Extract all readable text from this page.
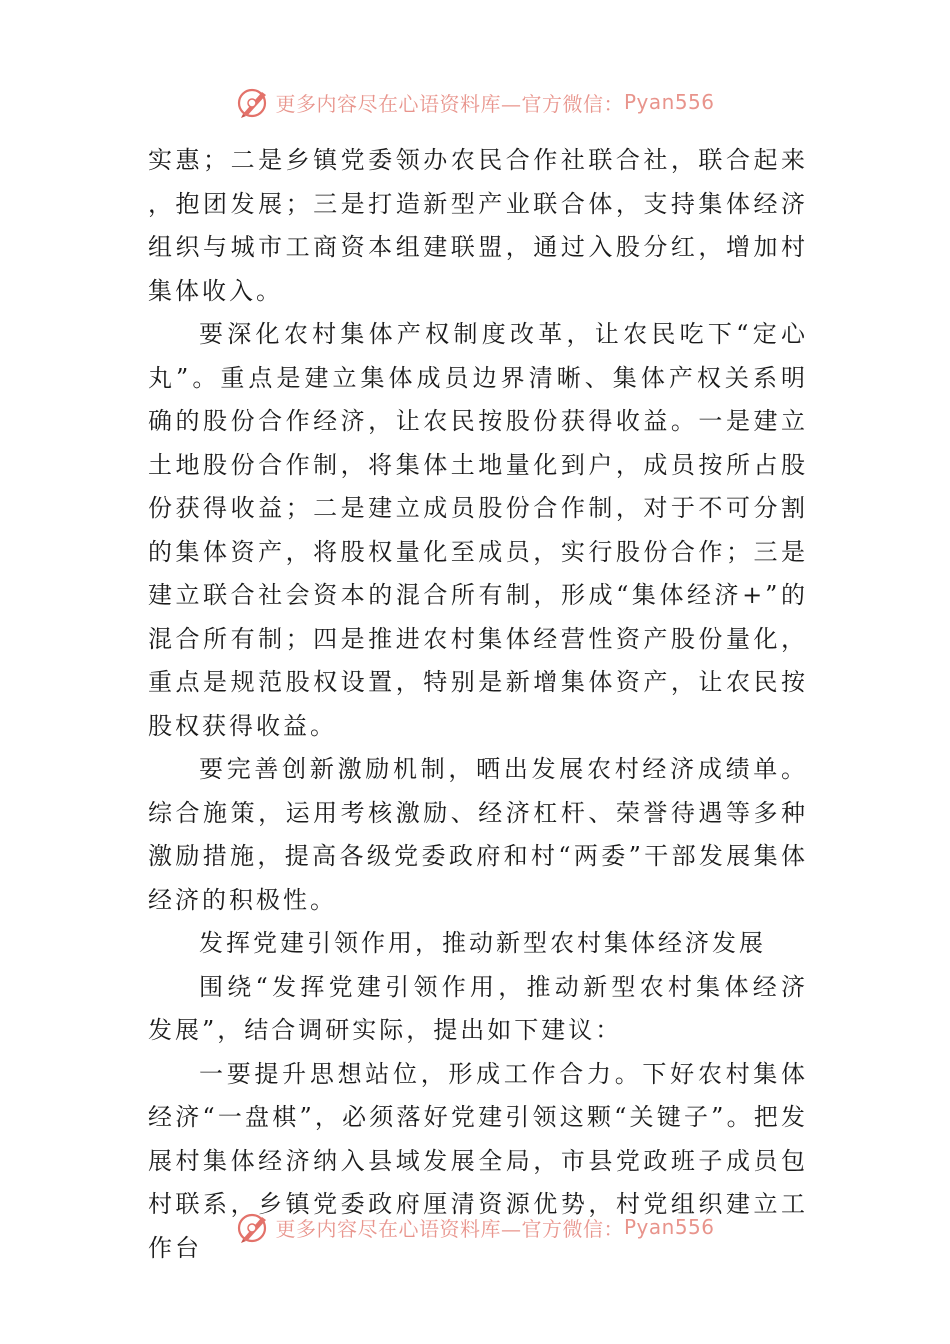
更多内容尽在心语资料库—官方微信： Pyan556

实惠；二是乡镇党委领办农民合作社联合社，联合起来，抱团发展；三是打造新型产业联合体，支持集体经济组织与城市工商资本组建联盟，通过入股分红，增加村集体收入。

要深化农村集体产权制度改革，让农民吃下“定心丸”。重点是建立集体成员边界清晰、集体产权关系明确的股份合作经济，让农民按股份获得收益。一是建立土地股份合作制，将集体土地量化到户，成员按所占股份获得收益；二是建立成员股份合作制，对于不可分割的集体资产，将股权量化至成员，实行股份合作；三是建立联合社会资本的混合所有制，形成“集体经济+”的混合所有制；四是推进农村集体经营性资产股份量化，重点是规范股权设置，特别是新增集体资产，让农民按股权获得收益。

要完善创新激励机制，晒出发展农村经济成绩单。综合施策，运用考核激励、经济杠杆、荣誉待遇等多种激励措施，提高各级党委政府和村“两委”干部发展集体经济的积极性。

发挥党建引领作用，推动新型农村集体经济发展

围绕“发挥党建引领作用，推动新型农村集体经济发展”，结合调研实际，提出如下建议：

一要提升思想站位，形成工作合力。下好农村集体经济“一盘棋”，必须落好党建引领这颗“关键子”。把发展村集体经济纳入县域发展全局，市县党政班子成员包村联系，乡镇党委政府厘清资源优势，村党组织建立工作台

更多内容尽在心语资料库—官方微信： Pyan556
